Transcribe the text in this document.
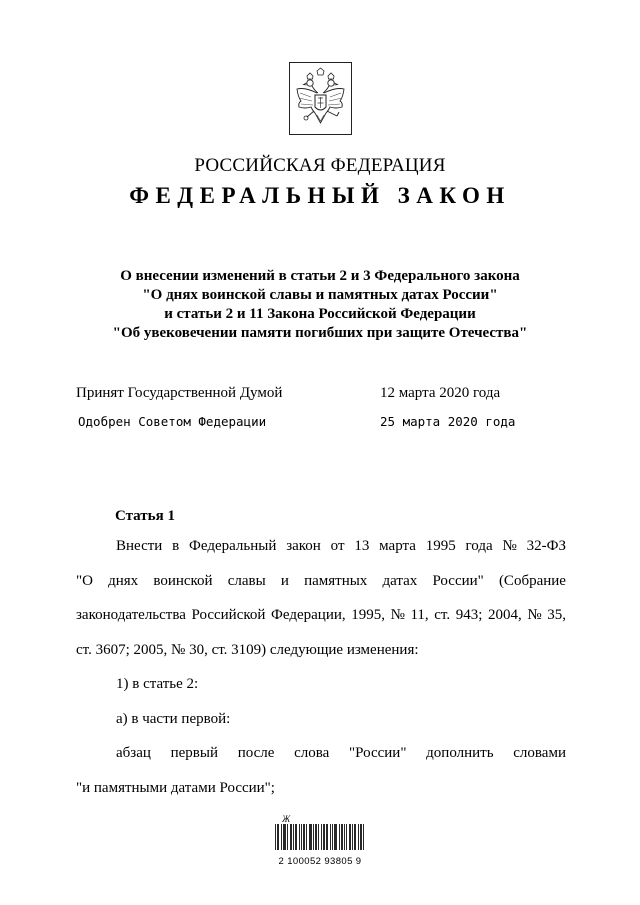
РОССИЙСКАЯ ФЕДЕРАЦИЯ
ФЕДЕРАЛЬНЫЙ ЗАКОН
О внесении изменений в статьи 2 и 3 Федерального закона
"О днях воинской славы и памятных датах России"
и статьи 2 и 11 Закона Российской Федерации
"Об увековечении памяти погибших при защите Отечества"
Принят Государственной Думой	12 марта 2020 года
Одобрен Советом Федерации	25 марта 2020 года
Статья 1
Внести в Федеральный закон от 13 марта 1995 года № 32-ФЗ
"О днях воинской славы и памятных датах России" (Собрание
законодательства Российской Федерации, 1995, № 11, ст. 943; 2004, № 35,
ст. 3607; 2005, № 30, ст. 3109) следующие изменения:
1) в статье 2:
а) в части первой:
абзац первый после слова "России" дополнить словами
"и памятными датами России";
Ж
2 100052 93805 9
